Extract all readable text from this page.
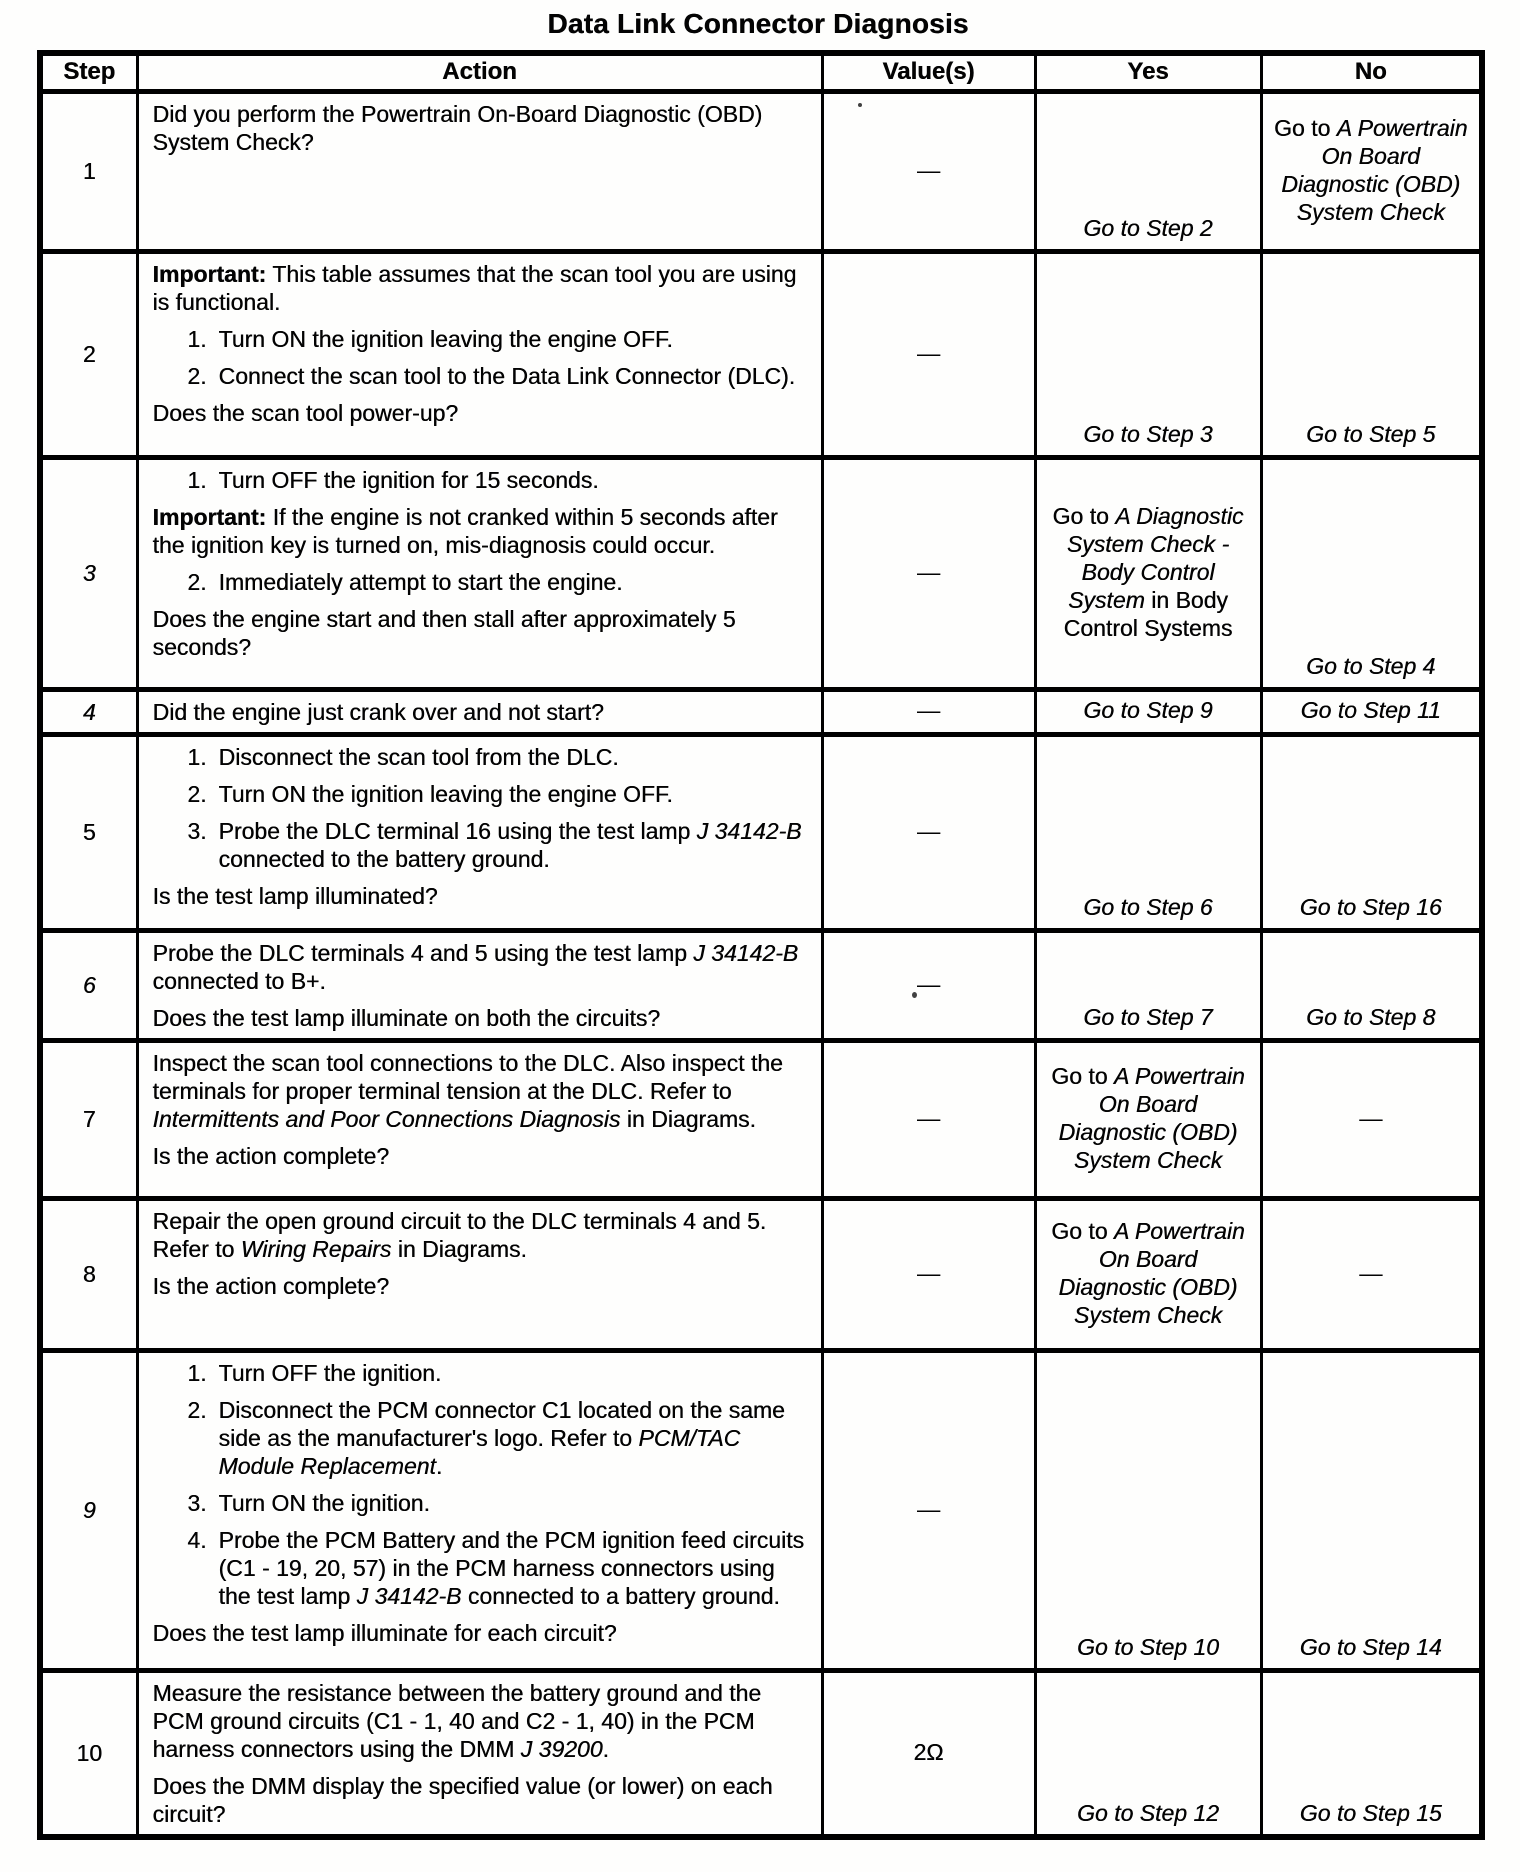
Data Link Connector Diagnosis
Step	Action	Value(s)	Yes	No
1	Did you perform the Powertrain On-Board Diagnostic (OBD) System Check?	—	Go to Step 2	Go to A Powertrain On Board Diagnostic (OBD) System Check
2	
Important: This table assumes that the scan tool you are using is functional.
1. Turn ON the ignition leaving the engine OFF.
2. Connect the scan tool to the Data Link Connector (DLC).
Does the scan tool power-up?
	—	Go to Step 3	Go to Step 5
3	
1. Turn OFF the ignition for 15 seconds.
Important: If the engine is not cranked within 5 seconds after the ignition key is turned on, mis-diagnosis could occur.
2. Immediately attempt to start the engine.
Does the engine start and then stall after approximately 5 seconds?
	—	Go to A Diagnostic System Check - Body Control System in Body Control Systems	Go to Step 4
4	Did the engine just crank over and not start?	—	Go to Step 9	Go to Step 11
5	
1. Disconnect the scan tool from the DLC.
2. Turn ON the ignition leaving the engine OFF.
3. Probe the DLC terminal 16 using the test lamp J 34142-B connected to the battery ground.
Is the test lamp illuminated?
	—	Go to Step 6	Go to Step 16
6	Probe the DLC terminals 4 and 5 using the test lamp J 34142-B connected to B+.
Does the test lamp illuminate on both the circuits?	—	Go to Step 7	Go to Step 8
7	Inspect the scan tool connections to the DLC. Also inspect the terminals for proper terminal tension at the DLC. Refer to Intermittents and Poor Connections Diagnosis in Diagrams.
Is the action complete?	—	Go to A Powertrain On Board Diagnostic (OBD) System Check	—
8	Repair the open ground circuit to the DLC terminals 4 and 5. Refer to Wiring Repairs in Diagrams.
Is the action complete?	—	Go to A Powertrain On Board Diagnostic (OBD) System Check	—
9	
1. Turn OFF the ignition.
2. Disconnect the PCM connector C1 located on the same side as the manufacturer's logo. Refer to PCM/TAC Module Replacement.
3. Turn ON the ignition.
4. Probe the PCM Battery and the PCM ignition feed circuits (C1 - 19, 20, 57) in the PCM harness connectors using the test lamp J 34142-B connected to a battery ground.
Does the test lamp illuminate for each circuit?
	—	Go to Step 10	Go to Step 14
10	Measure the resistance between the battery ground and the PCM ground circuits (C1 - 1, 40 and C2 - 1, 40) in the PCM harness connectors using the DMM J 39200.
Does the DMM display the specified value (or lower) on each circuit?	2Ω	Go to Step 12	Go to Step 15
